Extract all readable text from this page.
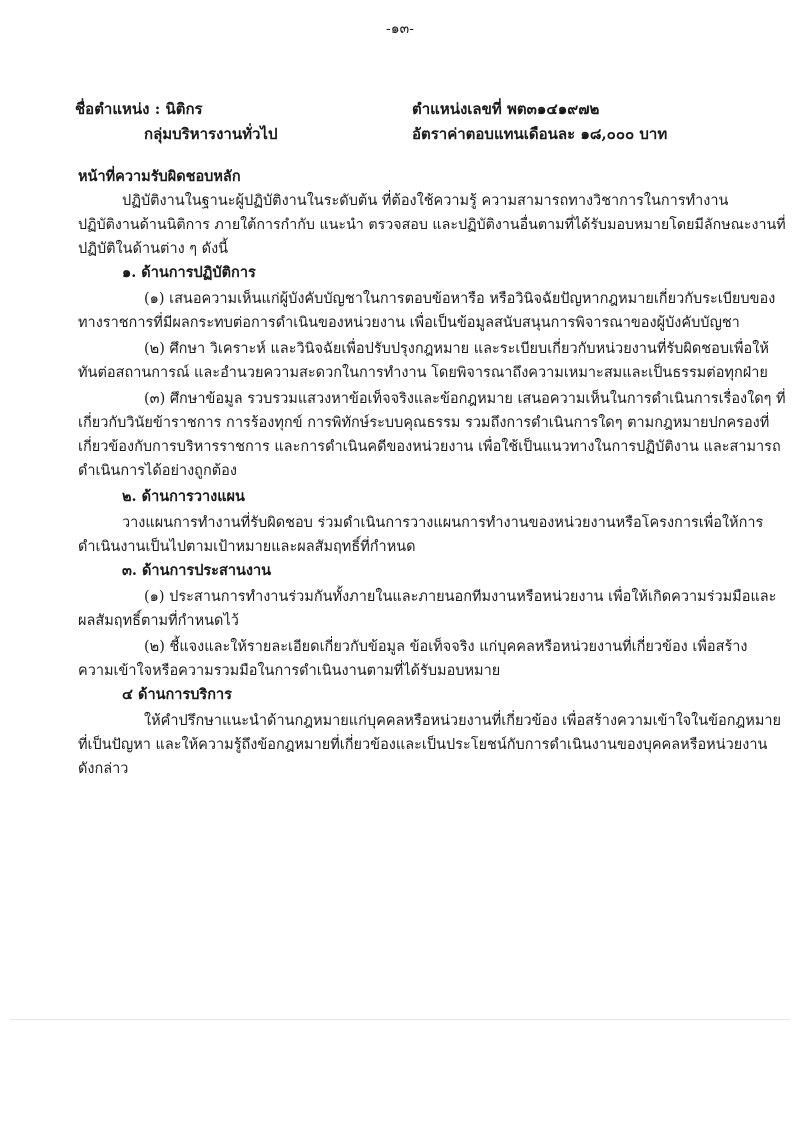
-๑๓-
ชื่อตำแหน่ง : นิติกร	ตำแหน่งเลขที่ พต๓๑๔๑๙๗๒
กลุ่มบริหารงานทั่วไป	อัตราค่าตอบแทนเดือนละ ๑๘,๐๐๐ บาท
หน้าที่ความรับผิดชอบหลัก
ปฏิบัติงานในฐานะผู้ปฏิบัติงานในระดับต้น ที่ต้องใช้ความรู้ ความสามารถทางวิชาการในการทำงาน
ปฏิบัติงานด้านนิติการ ภายใต้การกำกับ แนะนำ ตรวจสอบ และปฏิบัติงานอื่นตามที่ได้รับมอบหมายโดยมีลักษณะงานที่
ปฏิบัติในด้านต่าง ๆ ดังนี้
๑. ด้านการปฏิบัติการ
(๑) เสนอความเห็นแก่ผู้บังคับบัญชาในการตอบข้อหารือ หรือวินิจฉัยปัญหากฎหมายเกี่ยวกับระเบียบของ
ทางราชการที่มีผลกระทบต่อการดำเนินของหน่วยงาน เพื่อเป็นข้อมูลสนับสนุนการพิจารณาของผู้บังคับบัญชา
(๒) ศึกษา วิเคราะห์ และวินิจฉัยเพื่อปรับปรุงกฎหมาย และระเบียบเกี่ยวกับหน่วยงานที่รับผิดชอบเพื่อให้
ทันต่อสถานการณ์ และอำนวยความสะดวกในการทำงาน โดยพิจารณาถึงความเหมาะสมและเป็นธรรมต่อทุกฝ่าย
(๓) ศึกษาข้อมูล รวบรวมแสวงหาข้อเท็จจริงและข้อกฎหมาย เสนอความเห็นในการดำเนินการเรื่องใดๆ ที่
เกี่ยวกับวินัยข้าราชการ การร้องทุกข์ การพิทักษ์ระบบคุณธรรม รวมถึงการดำเนินการใดๆ ตามกฎหมายปกครองที่
เกี่ยวข้องกับการบริหารราชการ และการดำเนินคดีของหน่วยงาน เพื่อใช้เป็นแนวทางในการปฏิบัติงาน และสามารถ
ดำเนินการได้อย่างถูกต้อง
๒. ด้านการวางแผน
วางแผนการทำงานที่รับผิดชอบ ร่วมดำเนินการวางแผนการทำงานของหน่วยงานหรือโครงการเพื่อให้การ
ดำเนินงานเป็นไปตามเป้าหมายและผลสัมฤทธิ์ที่กำหนด
๓. ด้านการประสานงาน
(๑) ประสานการทำงานร่วมกันทั้งภายในและภายนอกทีมงานหรือหน่วยงาน เพื่อให้เกิดความร่วมมือและ
ผลสัมฤทธิ์ตามที่กำหนดไว้
(๒) ชี้แจงและให้รายละเอียดเกี่ยวกับข้อมูล ข้อเท็จจริง แก่บุคคลหรือหน่วยงานที่เกี่ยวข้อง เพื่อสร้าง
ความเข้าใจหรือความรวมมือในการดำเนินงานตามที่ได้รับมอบหมาย
๔ ด้านการบริการ
ให้คำปรึกษาแนะนำด้านกฎหมายแก่บุคคลหรือหน่วยงานที่เกี่ยวข้อง เพื่อสร้างความเข้าใจในข้อกฎหมาย
ที่เป็นปัญหา และให้ความรู้ถึงข้อกฎหมายที่เกี่ยวข้องและเป็นประโยชน์กับการดำเนินงานของบุคคลหรือหน่วยงาน
ดังกล่าว
